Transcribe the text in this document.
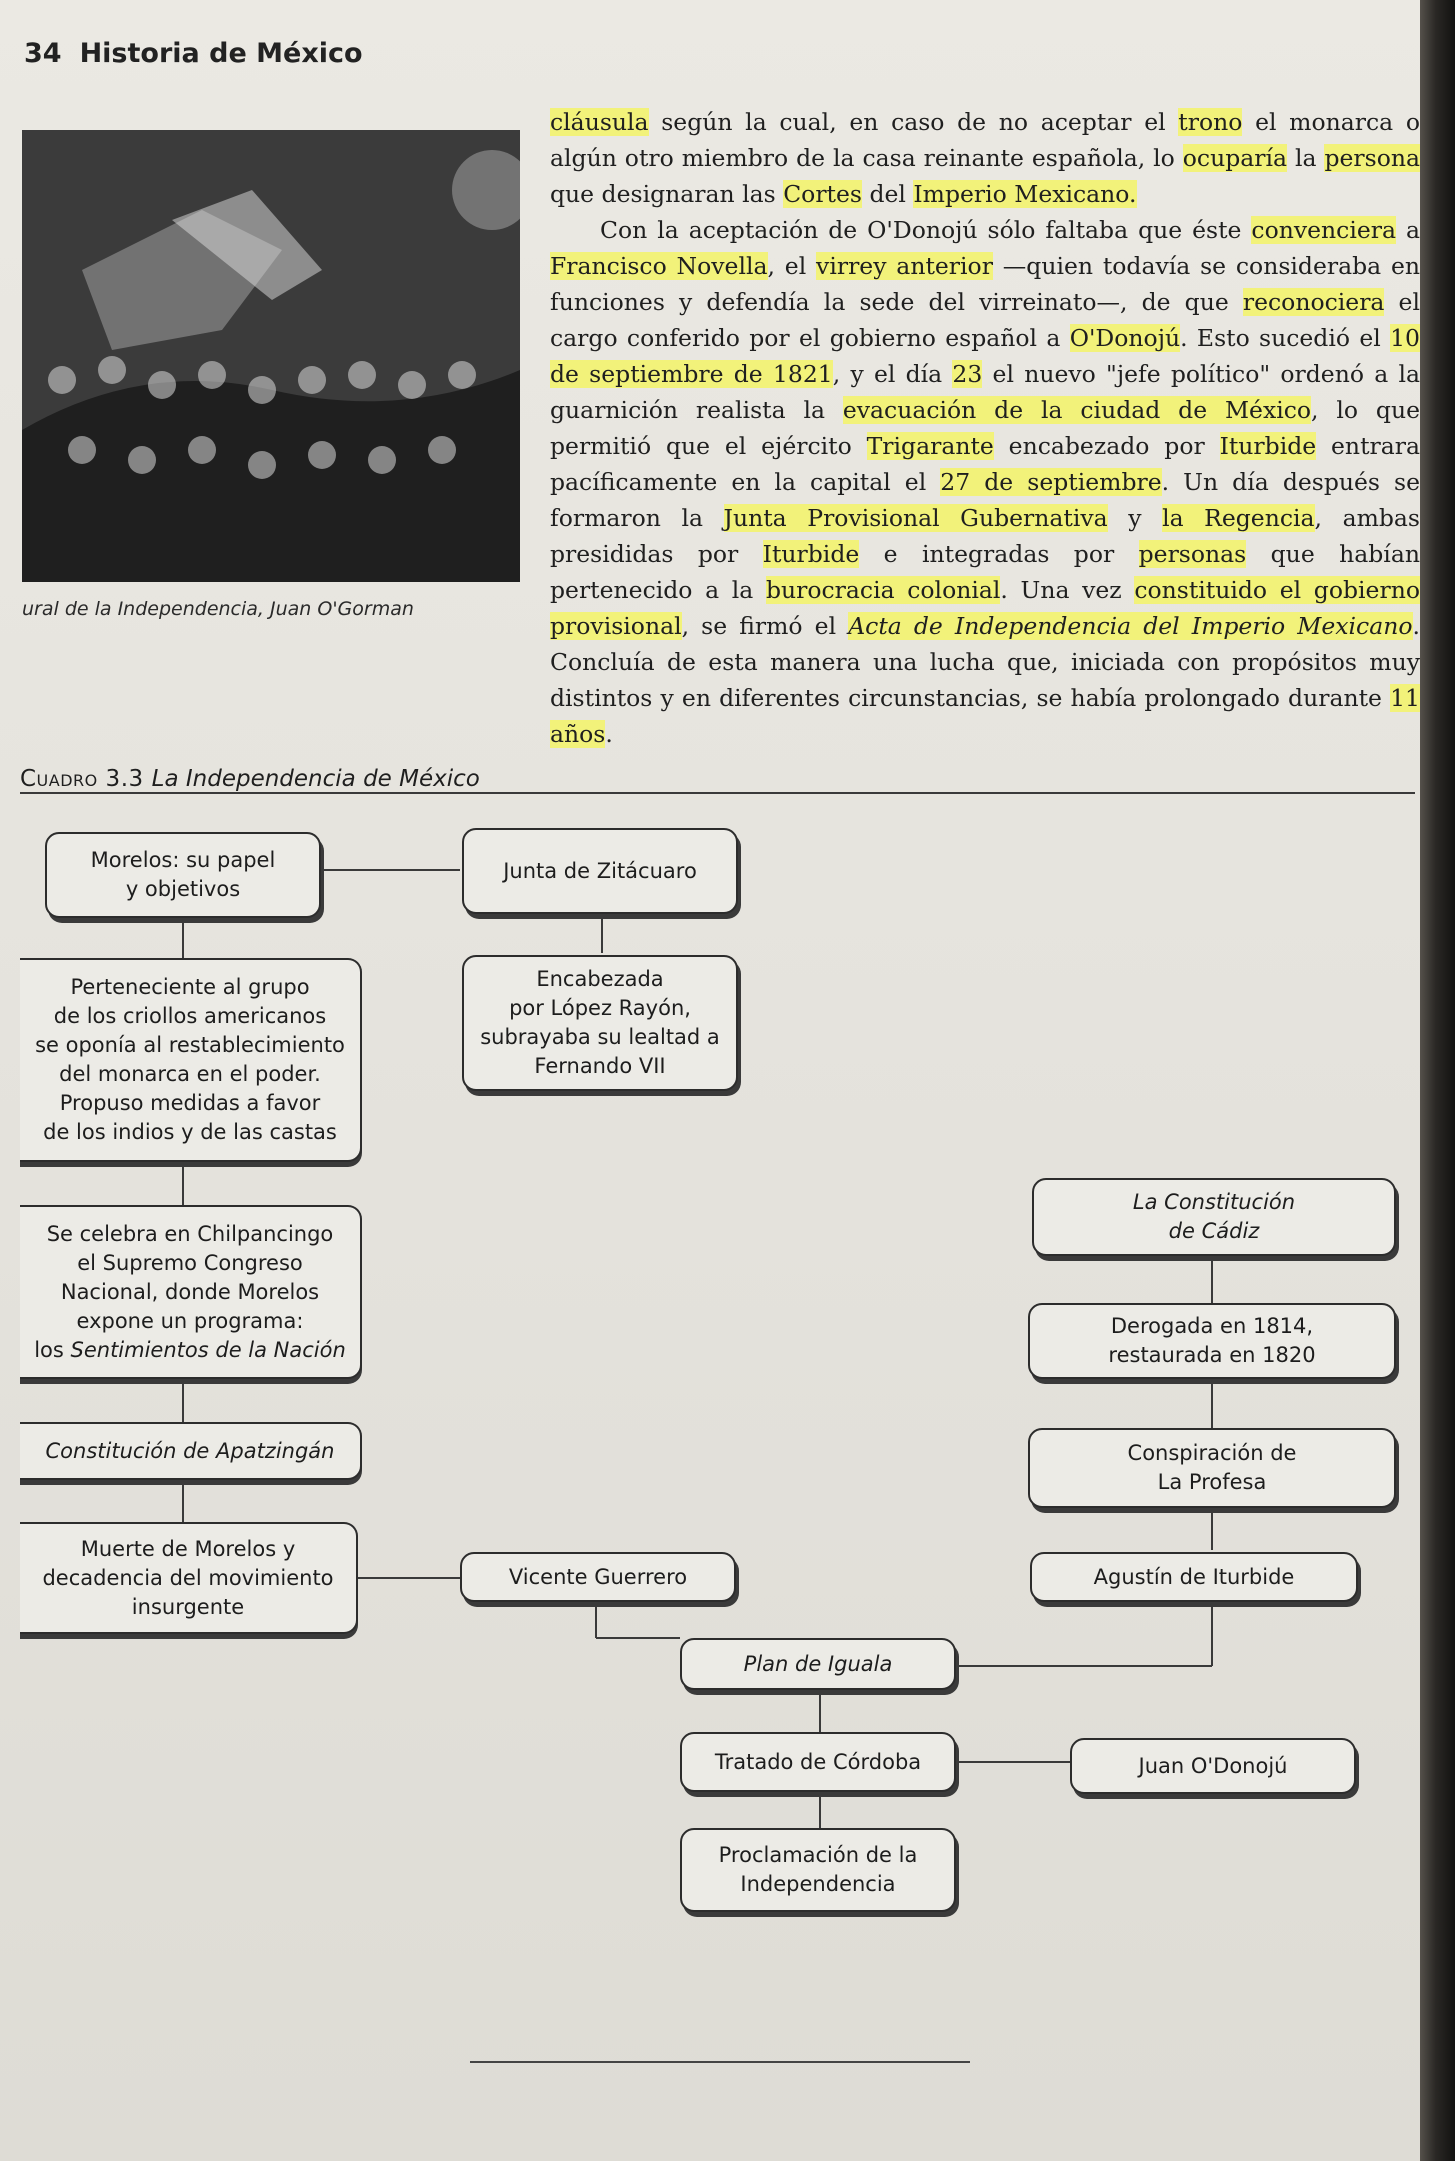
34 Historia de México
ural de la Independencia, Juan O'Gorman

cláusula según la cual, en caso de no aceptar el trono el monarca o algún otro miembro de la casa reinante española, lo ocuparía la persona que designaran las Cortes del Imperio Mexicano.

Con la aceptación de O'Donojú sólo faltaba que éste convenciera a Francisco Novella, el virrey anterior —quien todavía se consideraba en funciones y defendía la sede del virreinato—, de que reconociera el cargo conferido por el gobierno español a O'Donojú. Esto sucedió el 10 de septiembre de 1821, y el día 23 el nuevo "jefe político" ordenó a la guarnición realista la evacuación de la ciudad de México, lo que permitió que el ejército Trigarante encabezado por Iturbide entrara pacíficamente en la capital el 27 de septiembre. Un día después se formaron la Junta Provisional Gubernativa y la Regencia, ambas presididas por Iturbide e integradas por personas que habían pertenecido a la burocracia colonial. Una vez constituido el gobierno provisional, se firmó el Acta de Independencia del Imperio Mexicano. Concluía de esta manera una lucha que, iniciada con propósitos muy distintos y en diferentes circunstancias, se había prolongado durante 11 años.

Cuadro 3.3 La Independencia de México
Morelos: su papel
y objetivos
Junta de Zitácuaro
Perteneciente al grupo
de los criollos americanos
se oponía al restablecimiento
del monarca en el poder.
Propuso medidas a favor
de los indios y de las castas
Encabezada
por López Rayón,
subrayaba su lealtad a
Fernando VII
Se celebra en Chilpancingo
el Supremo Congreso
Nacional, donde Morelos
expone un programa:
los Sentimientos de la Nación
Constitución de Apatzingán
Muerte de Morelos y
decadencia del movimiento
insurgente
Vicente Guerrero
La Constitución
de Cádiz
Derogada en 1814,
restaurada en 1820
Conspiración de
La Profesa
Agustín de Iturbide
Plan de Iguala
Tratado de Córdoba	Juan O'Donojú
Proclamación de la
Independencia
